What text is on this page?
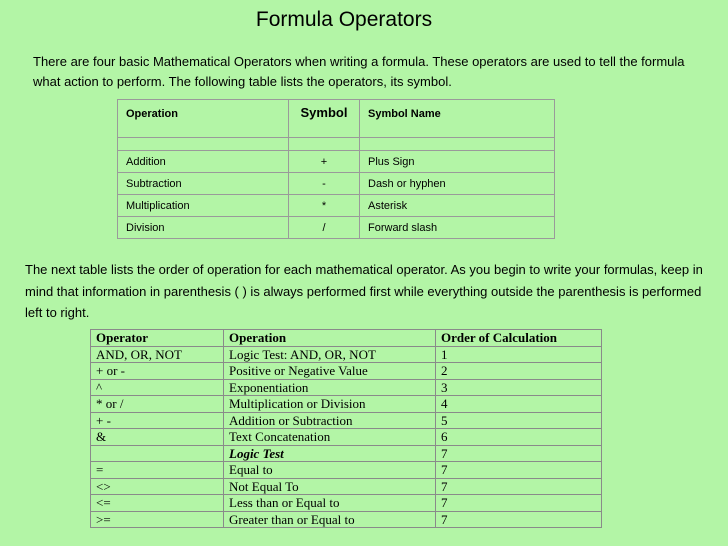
Formula Operators
There are four basic Mathematical Operators when writing a formula. These operators are used to tell the formula what action to perform. The following table lists the operators, its symbol.
Operation	Symbol	Symbol Name

Addition	+	Plus Sign
Subtraction	-	Dash or hyphen
Multiplication	*	Asterisk
Division	/	Forward slash
The next table lists the order of operation for each mathematical operator. As you begin to write your formulas, keep in mind that information in parenthesis ( ) is always performed first while everything outside the parenthesis is performed left to right.
Operator	Operation	Order of Calculation
AND, OR, NOT	Logic Test: AND, OR, NOT	1
+ or -	Positive or Negative Value	2
^	Exponentiation	3
* or /	Multiplication or Division	4
+ -	Addition or Subtraction	5
&	Text Concatenation	6
	Logic Test	7
=	Equal to	7
<>	Not Equal To	7
<=	Less than or Equal to	7
>=	Greater than or Equal to	7
